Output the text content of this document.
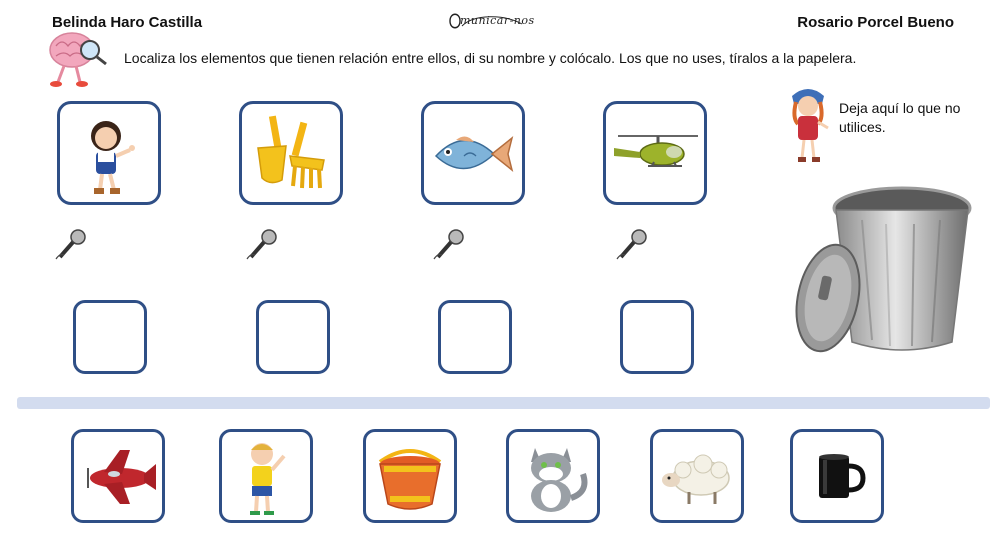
Belinda Haro Castilla	Rosario Porcel Bueno
municar-nos
Localiza los elementos que tienen relación entre ellos, di su nombre y colócalo. Los que no uses, tíralos a la papelera.
Deja aquí lo que no utilices.
